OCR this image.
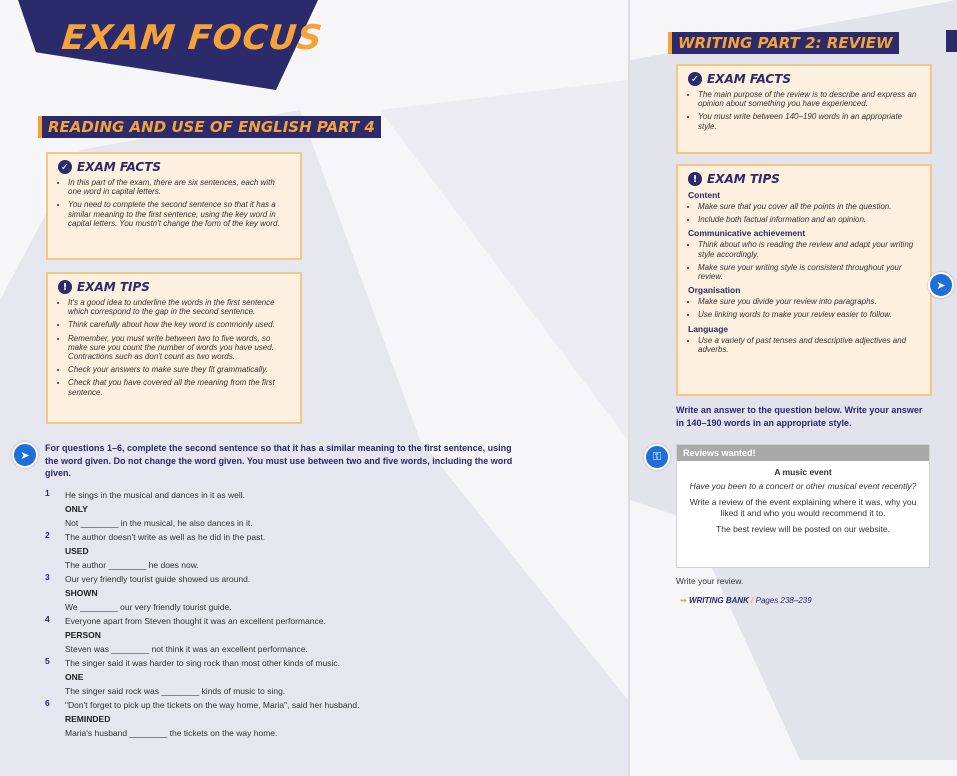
EXAM FOCUS
READING AND USE OF ENGLISH PART 4
✓ EXAM FACTS
• In this part of the exam, there are six sentences, each with one word in capital letters.
• You need to complete the second sentence so that it has a similar meaning to the first sentence, using the key word in capital letters. You mustn't change the form of the key word.
! EXAM TIPS
• It's a good idea to underline the words in the first sentence which correspond to the gap in the second sentence.
• Think carefully about how the key word is commonly used.
• Remember, you must write between two to five words, so make sure you count the number of words you have used. Contractions such as don't count as two words.
• Check your answers to make sure they fit grammatically.
• Check that you have covered all the meaning from the first sentence.
➤
For questions 1–6, complete the second sentence so that it has a similar meaning to the first sentence, using the word given. Do not change the word given. You must use between two and five words, including the word given.
1 He sings in the musical and dances in it as well.
ONLY
Not ________ in the musical, he also dances in it.
2 The author doesn't write as well as he did in the past.
USED
The author ________ he does now.
3 Our very friendly tourist guide showed us around.
SHOWN
We ________ our very friendly tourist guide.
4 Everyone apart from Steven thought it was an excellent performance.
PERSON
Steven was ________ not think it was an excellent performance.
5 The singer said it was harder to sing rock than most other kinds of music.
ONE
The singer said rock was ________ kinds of music to sing.
6 "Don't forget to pick up the tickets on the way home, Maria", said her husband.
REMINDED
Maria's husband ________ the tickets on the way home.
WRITING PART 2: REVIEW
✓ EXAM FACTS
• The main purpose of the review is to describe and express an opinion about something you have experienced.
• You must write between 140–190 words in an appropriate style.
! EXAM TIPS
Content
• Make sure that you cover all the points in the question.
• Include both factual information and an opinion.
Communicative achievement
• Think about who is reading the review and adapt your writing style accordingly.
• Make sure your writing style is consistent throughout your review.
Organisation
• Make sure you divide your review into paragraphs.
• Use linking words to make your review easier to follow.
Language
• Use a variety of past tenses and descriptive adjectives and adverbs.
➤
Write an answer to the question below. Write your answer in 140–190 words in an appropriate style.
⚿	Reviews wanted!
A music event
Have you been to a concert or other musical event recently?
Write a review of the event explaining where it was, why you liked it and who you would recommend it to.
The best review will be posted on our website.
Write your review.
➡ WRITING BANK / Pages 238–239
